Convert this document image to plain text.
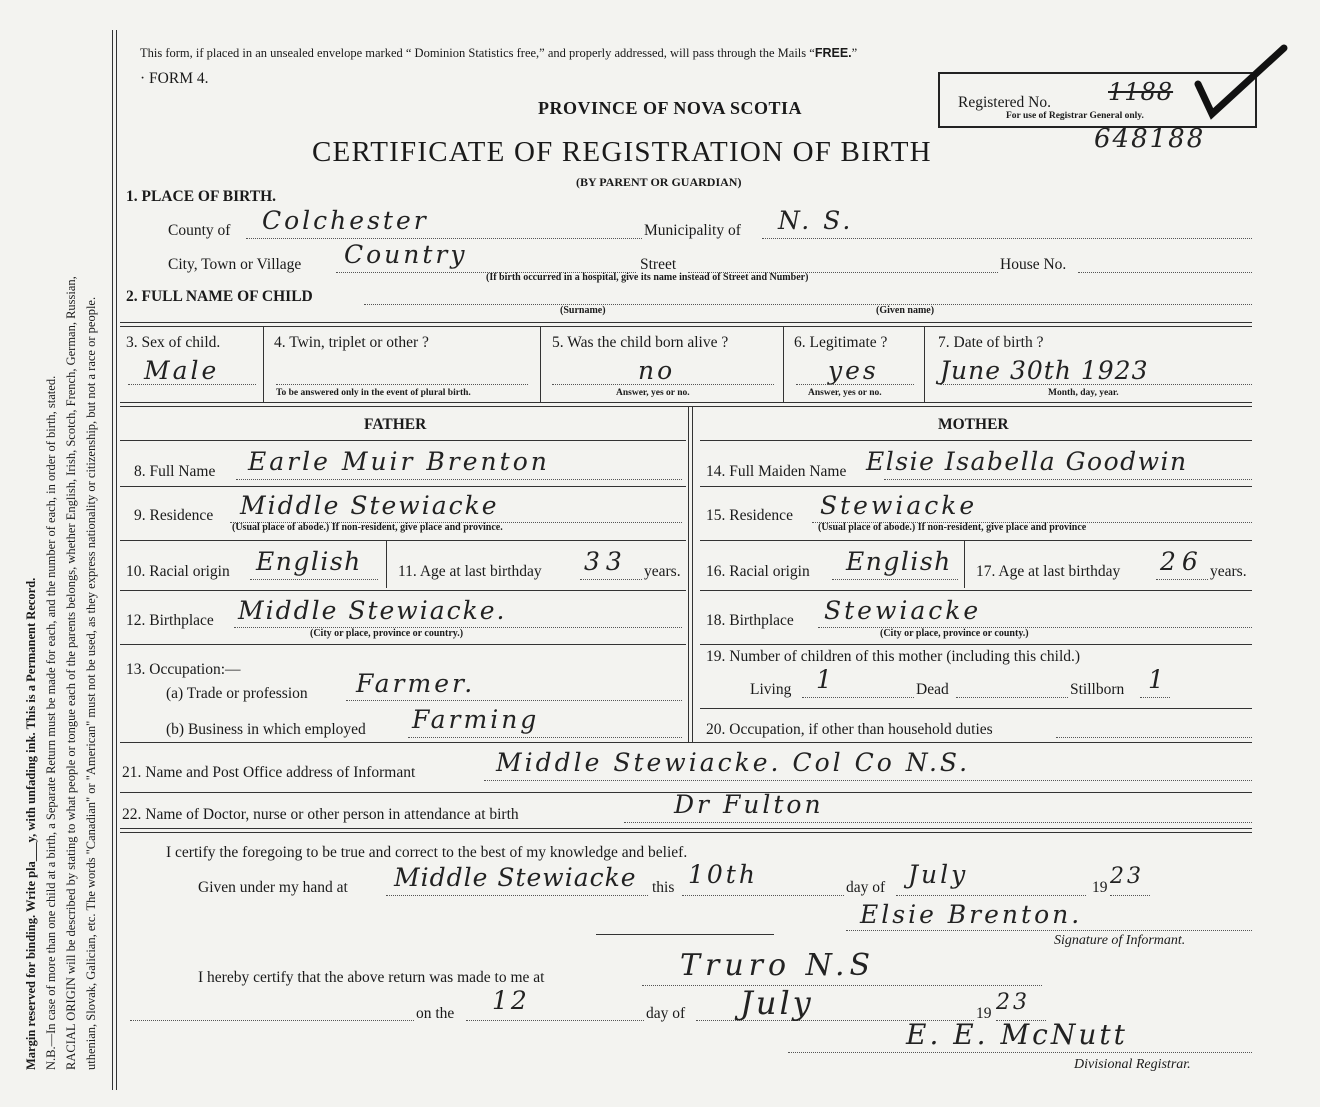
Margin reserved for binding. Write pla___y, with unfading ink. This is a Permanent Record. N.B.—In case of more than one child at a birth, a Separate Return must be made for each, and the number of each, in order of birth, stated. RACIAL ORIGIN will be described by stating to what people or tongue each of the parents belongs, whether English, Irish, Scotch, French, German, Russian, uthenian, Slovak, Galician, etc. The words "Canadian" or "American" must not be used, as they express nationality or citizenship, but not a race or people.
This form, if placed in an unsealed envelope marked “ Dominion Statistics free,” and properly addressed, will pass through the Mails “FREE.”
· FORM 4.
PROVINCE OF NOVA SCOTIA
CERTIFICATE OF REGISTRATION OF BIRTH
(BY PARENT OR GUARDIAN)
Registered No. 1188
For use of Registrar General only.
648188
1. PLACE OF BIRTH.
County of Colchester	Municipality of N. S.
City, Town or Village Country	Street
(If birth occurred in a hospital, give its name instead of Street and Number)
House No.
2. FULL NAME OF CHILD
(Surname)	(Given name)
3. Sex of child.
Male
4. Twin, triplet or other ?
To be answered only in the event of plural birth.
5. Was the child born alive ?
no
Answer, yes or no.
6. Legitimate ?
yes
Answer, yes or no.
7. Date of birth ?
June 30th 1923
Month, day, year.
FATHER	MOTHER
8. Full Name Earle Muir Brenton	14. Full Maiden Name Elsie Isabella Goodwin
9. Residence Middle Stewiacke
(Usual place of abode.) If non-resident, give place and province.
15. Residence Stewiacke
(Usual place of abode.) If non-resident, give place and province
10. Racial origin English 11. Age at last birthday 33 years. 16. Racial origin English 17. Age at last birthday 26 years.
12. Birthplace Middle Stewiacke.
(City or place, province or country.)
18. Birthplace Stewiacke
(City or place, province or county.)
13. Occupation:—
(a) Trade or profession Farmer.
(b) Business in which employed Farming
19. Number of children of this mother (including this child.)
Living 1	Dead	Stillborn 1
20. Occupation, if other than household duties
21. Name and Post Office address of Informant	Middle Stewiacke. Col Co N.S.
22. Name of Doctor, nurse or other person in attendance at birth	Dr Fulton
I certify the foregoing to be true and correct to the best of my knowledge and belief.
Given under my hand at Middle Stewiacke this 10th	day of July	19 23
Elsie Brenton.
Signature of Informant.
I hereby certify that the above return was made to me at	Truro N.S
on the 12	day of July	19 23
E. E. McNutt
Divisional Registrar.
